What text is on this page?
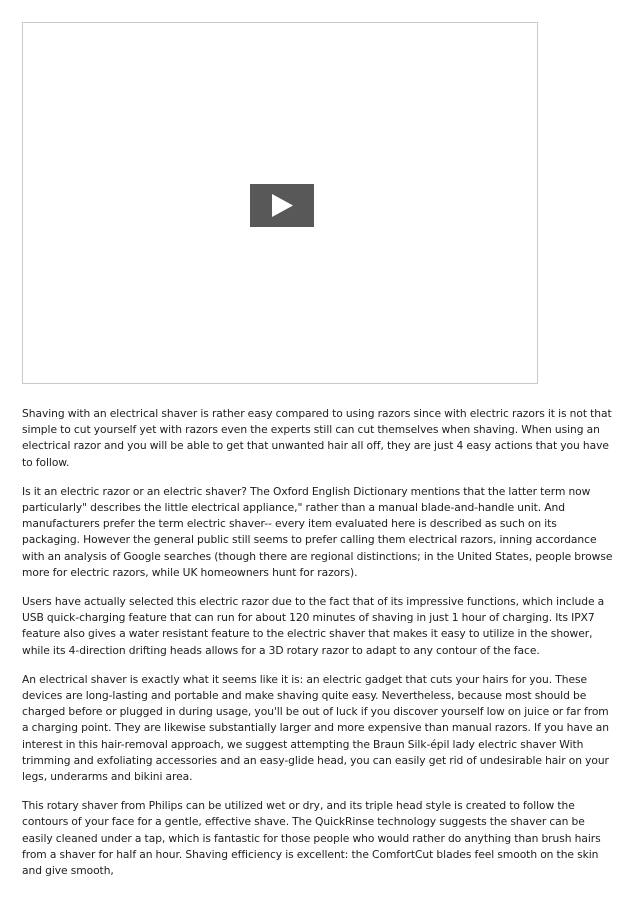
Shaving with an electrical shaver is rather easy compared to using razors since with electric razors it is not that simple to cut yourself yet with razors even the experts still can cut themselves when shaving. When using an electrical razor and you will be able to get that unwanted hair all off, they are just 4 easy actions that you have to follow.

Is it an electric razor or an electric shaver? The Oxford English Dictionary mentions that the latter term now particularly" describes the little electrical appliance," rather than a manual blade-and-handle unit. And manufacturers prefer the term electric shaver-- every item evaluated here is described as such on its packaging. However the general public still seems to prefer calling them electrical razors, inning accordance with an analysis of Google searches (though there are regional distinctions; in the United States, people browse more for electric razors, while UK homeowners hunt for razors).

Users have actually selected this electric razor due to the fact that of its impressive functions, which include a USB quick-charging feature that can run for about 120 minutes of shaving in just 1 hour of charging. Its IPX7 feature also gives a water resistant feature to the electric shaver that makes it easy to utilize in the shower, while its 4-direction drifting heads allows for a 3D rotary razor to adapt to any contour of the face.

An electrical shaver is exactly what it seems like it is: an electric gadget that cuts your hairs for you. These devices are long-lasting and portable and make shaving quite easy. Nevertheless, because most should be charged before or plugged in during usage, you'll be out of luck if you discover yourself low on juice or far from a charging point. They are likewise substantially larger and more expensive than manual razors. If you have an interest in this hair-removal approach, we suggest attempting the Braun Silk-épil lady electric shaver With trimming and exfoliating accessories and an easy-glide head, you can easily get rid of undesirable hair on your legs, underarms and bikini area.

This rotary shaver from Philips can be utilized wet or dry, and its triple head style is created to follow the contours of your face for a gentle, effective shave. The QuickRinse technology suggests the shaver can be easily cleaned under a tap, which is fantastic for those people who would rather do anything than brush hairs from a shaver for half an hour. Shaving efficiency is excellent: the ComfortCut blades feel smooth on the skin and give smooth,
